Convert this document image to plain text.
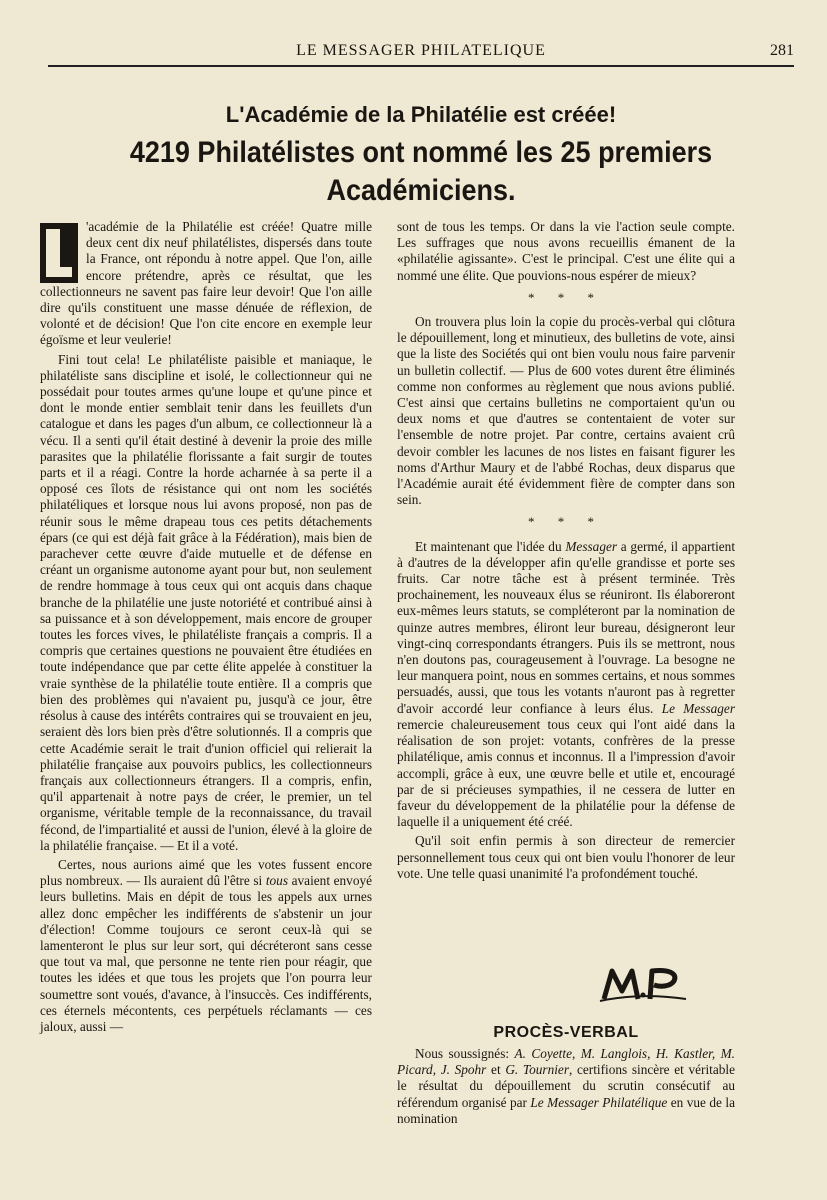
LE MESSAGER PHILATELIQUE	281
L'Académie de la Philatélie est créée!
4219 Philatélistes ont nommé les 25 premiers
Académiciens.

'académie de la Philatélie est créée! Quatre mille deux cent dix neuf philatélistes, dispersés dans toute la France, ont répondu à notre appel. Que l'on, aille encore prétendre, après ce résultat, que les collectionneurs ne savent pas faire leur devoir! Que l'on aille dire qu'ils constituent une masse dénuée de réflexion, de volonté et de décision! Que l'on cite encore en exemple leur égoïsme et leur veulerie!

Fini tout cela! Le philatéliste paisible et maniaque, le philatéliste sans discipline et isolé, le collectionneur qui ne possédait pour toutes armes qu'une loupe et qu'une pince et dont le monde entier semblait tenir dans les feuillets d'un catalogue et dans les pages d'un album, ce collectionneur là a vécu. Il a senti qu'il était destiné à devenir la proie des mille parasites que la philatélie florissante a fait surgir de toutes parts et il a réagi. Contre la horde acharnée à sa perte il a opposé ces îlots de résistance qui ont nom les sociétés philatéliques et lorsque nous lui avons proposé, non pas de réunir sous le même drapeau tous ces petits détachements épars (ce qui est déjà fait grâce à la Fédération), mais bien de parachever cette œuvre d'aide mutuelle et de défense en créant un organisme autonome ayant pour but, non seulement de rendre hommage à tous ceux qui ont acquis dans chaque branche de la philatélie une juste notoriété et contribué ainsi à sa puissance et à son développement, mais encore de grouper toutes les forces vives, le philatéliste français a compris. Il a compris que certaines questions ne pouvaient être étudiées en toute indépendance que par cette élite appelée à constituer la vraie synthèse de la philatélie toute entière. Il a compris que bien des problèmes qui n'avaient pu, jusqu'à ce jour, être résolus à cause des intérêts contraires qui se trouvaient en jeu, seraient dès lors bien près d'être solutionnés. Il a compris que cette Académie serait le trait d'union officiel qui relierait la philatélie française aux pouvoirs publics, les collectionneurs français aux collectionneurs étrangers. Il a compris, enfin, qu'il appartenait à notre pays de créer, le premier, un tel organisme, véritable temple de la reconnaissance, du travail fécond, de l'impartialité et aussi de l'union, élevé à la gloire de la philatélie française. — Et il a voté.

Certes, nous aurions aimé que les votes fussent encore plus nombreux. — Ils auraient dû l'être si tous avaient envoyé leurs bulletins. Mais en dépit de tous les appels aux urnes allez donc empêcher les indifférents de s'abstenir un jour d'élection! Comme toujours ce seront ceux-là qui se lamenteront le plus sur leur sort, qui décréteront sans cesse que tout va mal, que personne ne tente rien pour réagir, que toutes les idées et que tous les projets que l'on pourra leur soumettre sont voués, d'avance, à l'insuccès. Ces indifférents, ces éternels mécontents, ces perpétuels réclamants — ces jaloux, aussi —

sont de tous les temps. Or dans la vie l'action seule compte. Les suffrages que nous avons recueillis émanent de la «philatélie agissante». C'est le principal. C'est une élite qui a nommé une élite. Que pouvions-nous espérer de mieux?

* * *

On trouvera plus loin la copie du procès-verbal qui clôtura le dépouillement, long et minutieux, des bulletins de vote, ainsi que la liste des Sociétés qui ont bien voulu nous faire parvenir un bulletin collectif. — Plus de 600 votes durent être éliminés comme non conformes au règlement que nous avions publié. C'est ainsi que certains bulletins ne comportaient qu'un ou deux noms et que d'autres se contentaient de voter sur l'ensemble de notre projet. Par contre, certains avaient crû devoir combler les lacunes de nos listes en faisant figurer les noms d'Arthur Maury et de l'abbé Rochas, deux disparus que l'Académie aurait été évidemment fière de compter dans son sein.

* * *

Et maintenant que l'idée du Messager a germé, il appartient à d'autres de la développer afin qu'elle grandisse et porte ses fruits. Car notre tâche est à présent terminée. Très prochainement, les nouveaux élus se réuniront. Ils élaboreront eux-mêmes leurs statuts, se compléteront par la nomination de quinze autres membres, éliront leur bureau, désigneront leur vingt-cinq correspondants étrangers. Puis ils se mettront, nous n'en doutons pas, courageusement à l'ouvrage. La besogne ne leur manquera point, nous en sommes certains, et nous sommes persuadés, aussi, que tous les votants n'auront pas à regretter d'avoir accordé leur confiance à leurs élus. Le Messager remercie chaleureusement tous ceux qui l'ont aidé dans la réalisation de son projet: votants, confrères de la presse philatélique, amis connus et inconnus. Il a l'impression d'avoir accompli, grâce à eux, une œuvre belle et utile et, encouragé par de si précieuses sympathies, il ne cessera de lutter en faveur du développement de la philatélie pour la défense de laquelle il a uniquement été créé.

Qu'il soit enfin permis à son directeur de remercier personnellement tous ceux qui ont bien voulu l'honorer de leur vote. Une telle quasi unanimité l'a profondément touché.

PROCÈS-VERBAL

Nous soussignés: A. Coyette, M. Langlois, H. Kastler, M. Picard, J. Spohr et G. Tournier, certifions sincère et véritable le résultat du dépouillement du scrutin consécutif au référendum organisé par Le Messager Philatélique en vue de la nomination
